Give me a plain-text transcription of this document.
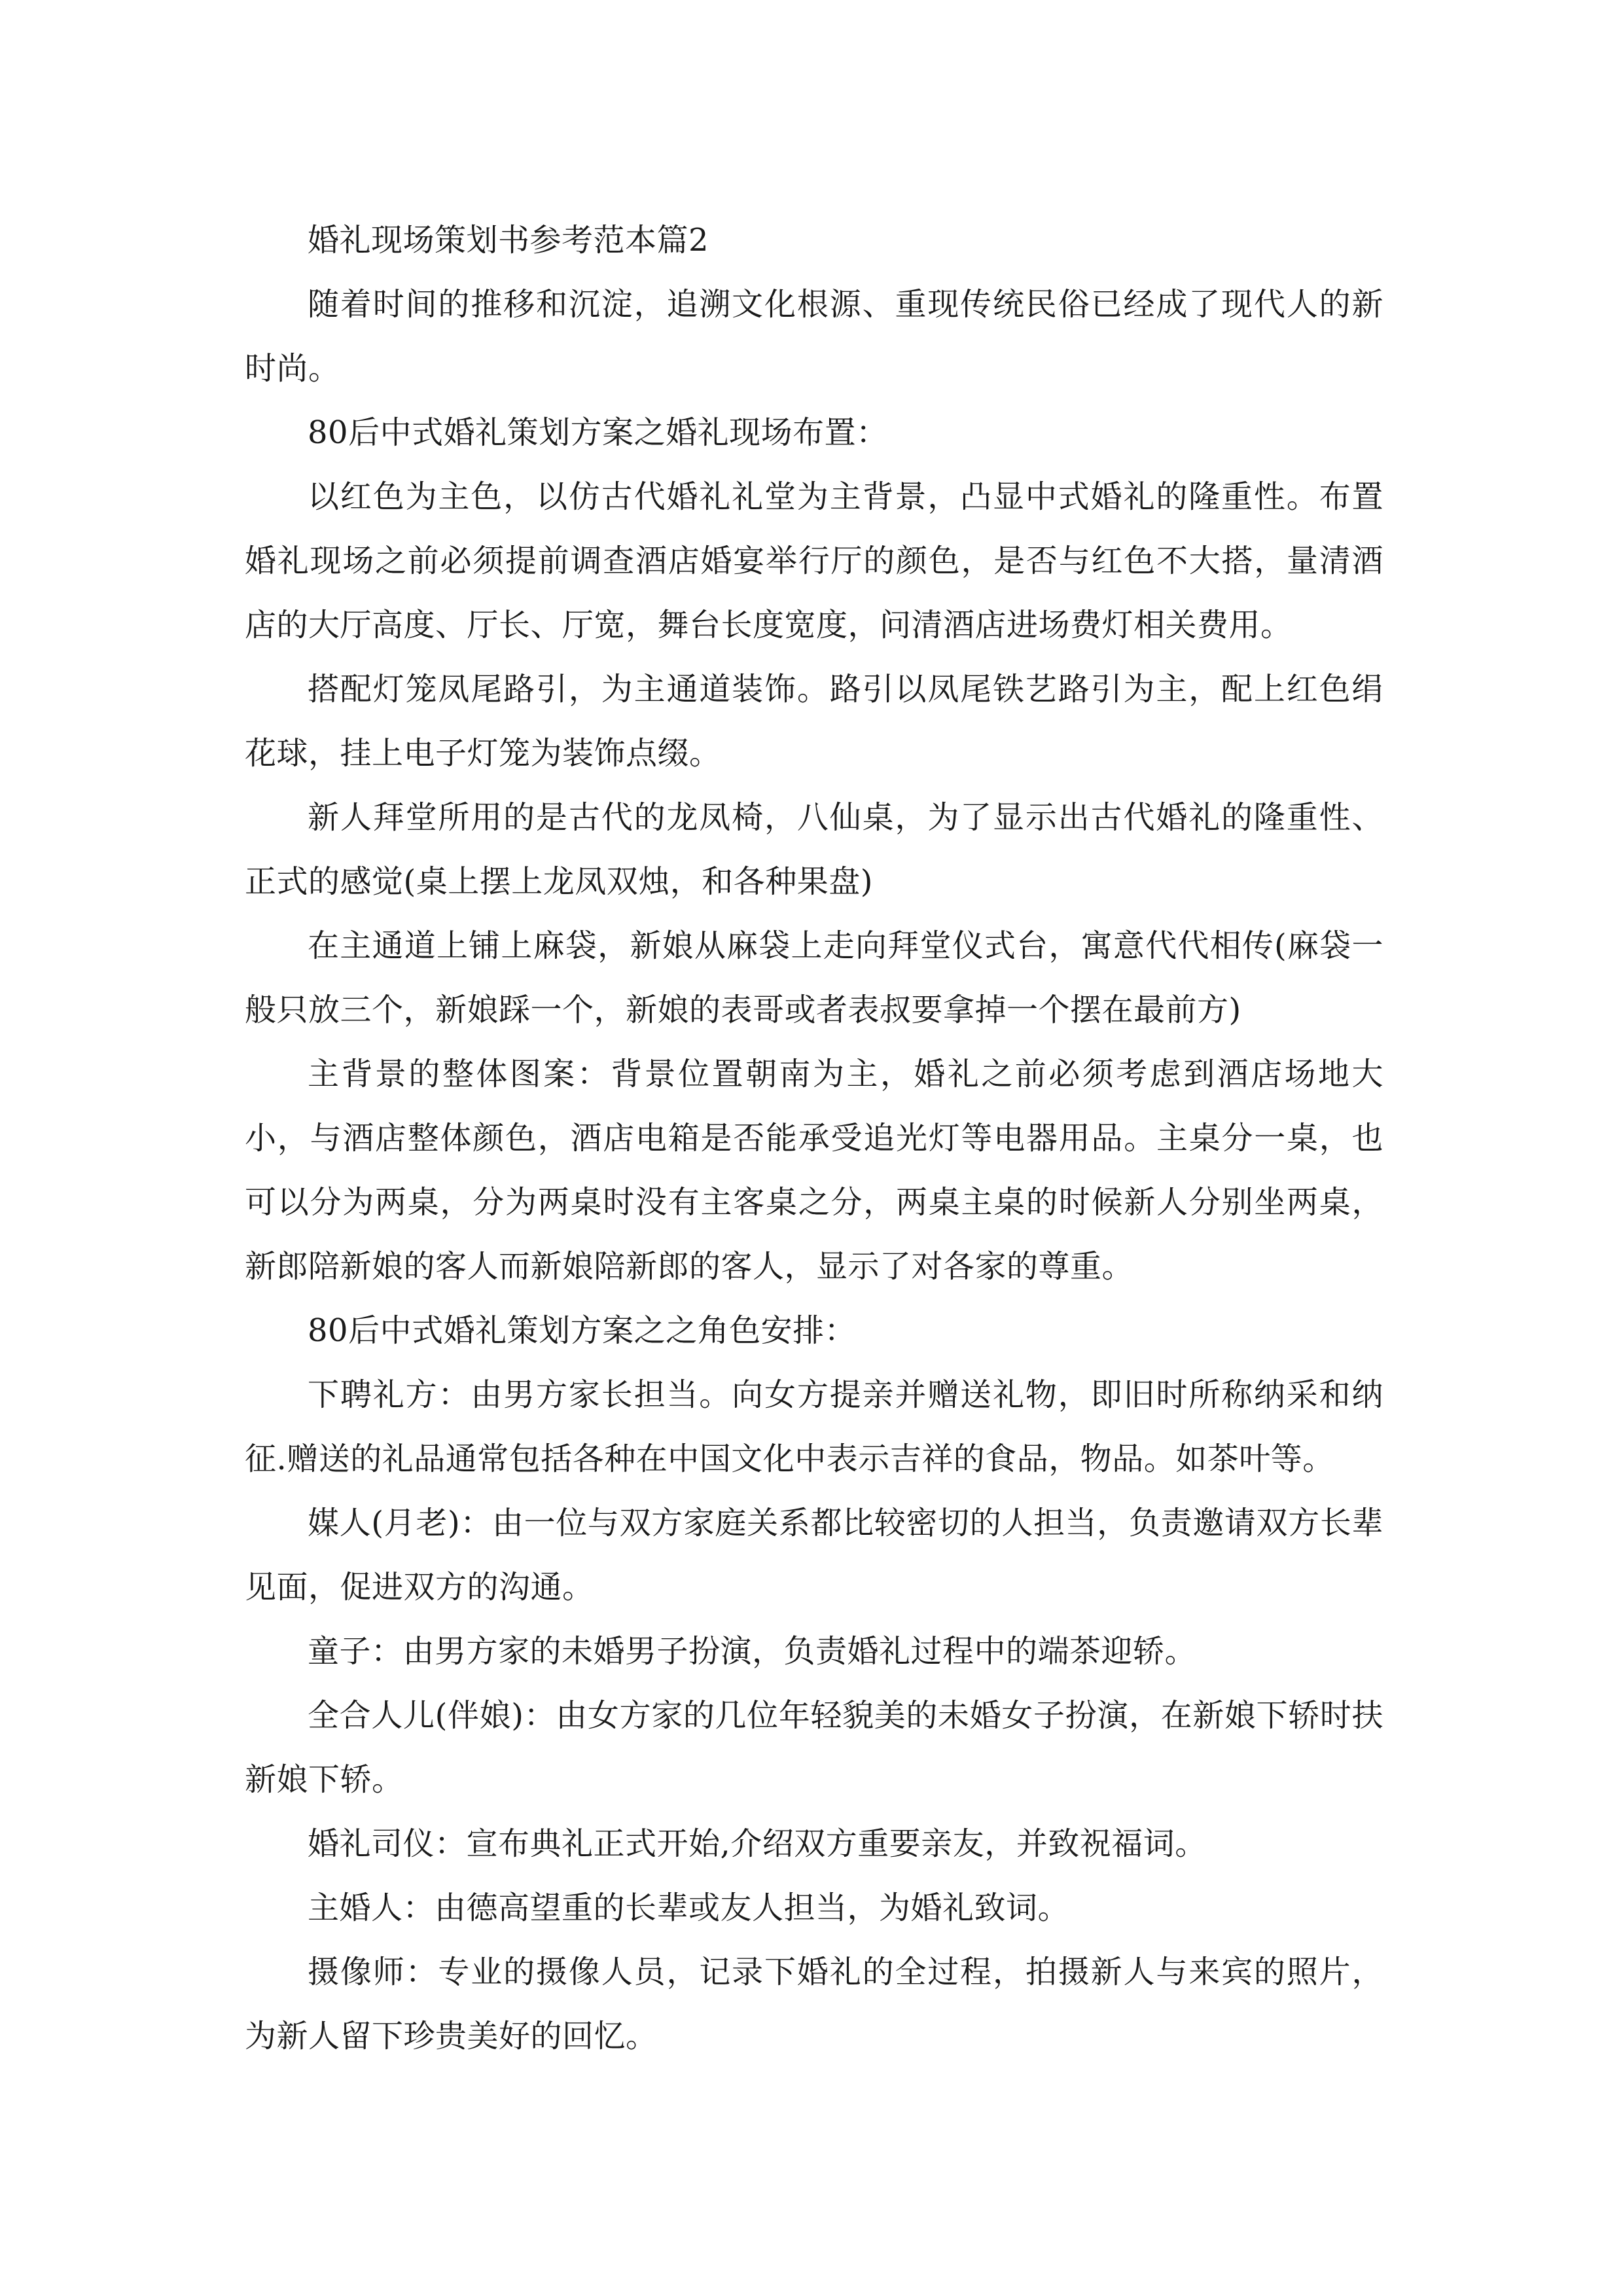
婚礼现场策划书参考范本篇2

随着时间的推移和沉淀，追溯文化根源、重现传统民俗已经成了现代人的新时尚。

80后中式婚礼策划方案之婚礼现场布置：

以红色为主色，以仿古代婚礼礼堂为主背景，凸显中式婚礼的隆重性。布置婚礼现场之前必须提前调查酒店婚宴举行厅的颜色，是否与红色不大搭，量清酒店的大厅高度、厅长、厅宽，舞台长度宽度，问清酒店进场费灯相关费用。

搭配灯笼凤尾路引，为主通道装饰。路引以凤尾铁艺路引为主，配上红色绢花球，挂上电子灯笼为装饰点缀。

新人拜堂所用的是古代的龙凤椅，八仙桌，为了显示出古代婚礼的隆重性、正式的感觉(桌上摆上龙凤双烛，和各种果盘)

在主通道上铺上麻袋，新娘从麻袋上走向拜堂仪式台，寓意代代相传(麻袋一般只放三个，新娘踩一个，新娘的表哥或者表叔要拿掉一个摆在最前方)

主背景的整体图案：背景位置朝南为主，婚礼之前必须考虑到酒店场地大小，与酒店整体颜色，酒店电箱是否能承受追光灯等电器用品。主桌分一桌，也可以分为两桌，分为两桌时没有主客桌之分，两桌主桌的时候新人分别坐两桌，新郎陪新娘的客人而新娘陪新郎的客人，显示了对各家的尊重。

80后中式婚礼策划方案之之角色安排：

下聘礼方：由男方家长担当。向女方提亲并赠送礼物，即旧时所称纳采和纳征.赠送的礼品通常包括各种在中国文化中表示吉祥的食品，物品。如茶叶等。

媒人(月老)：由一位与双方家庭关系都比较密切的人担当，负责邀请双方长辈见面，促进双方的沟通。

童子：由男方家的未婚男子扮演，负责婚礼过程中的端茶迎轿。

全合人儿(伴娘)：由女方家的几位年轻貌美的未婚女子扮演，在新娘下轿时扶新娘下轿。

婚礼司仪：宣布典礼正式开始,介绍双方重要亲友，并致祝福词。

主婚人：由德高望重的长辈或友人担当，为婚礼致词。

摄像师：专业的摄像人员，记录下婚礼的全过程，拍摄新人与来宾的照片，为新人留下珍贵美好的回忆。
